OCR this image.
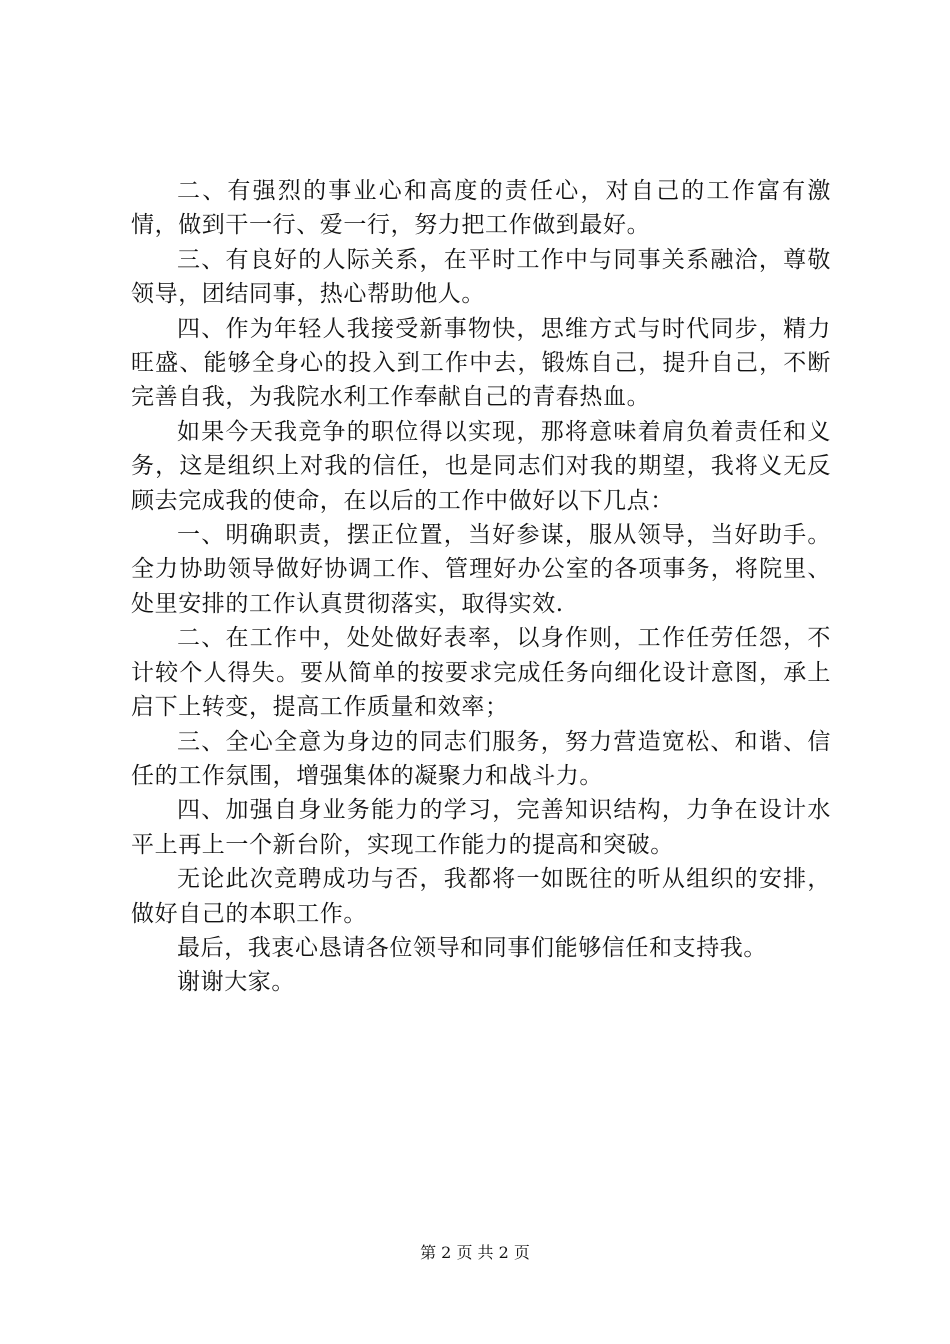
二、有强烈的事业心和高度的责任心，对自己的工作富有激情，做到干一行、爱一行，努力把工作做到最好。

三、有良好的人际关系，在平时工作中与同事关系融洽，尊敬领导，团结同事，热心帮助他人。

四、作为年轻人我接受新事物快，思维方式与时代同步，精力旺盛、能够全身心的投入到工作中去，锻炼自己，提升自己，不断完善自我，为我院水利工作奉献自己的青春热血。

如果今天我竞争的职位得以实现，那将意味着肩负着责任和义务，这是组织上对我的信任，也是同志们对我的期望，我将义无反顾去完成我的使命，在以后的工作中做好以下几点：

一、明确职责，摆正位置，当好参谋，服从领导，当好助手。全力协助领导做好协调工作、管理好办公室的各项事务，将院里、处里安排的工作认真贯彻落实，取得实效.

二、在工作中，处处做好表率，以身作则，工作任劳任怨，不计较个人得失。要从简单的按要求完成任务向细化设计意图，承上启下上转变，提高工作质量和效率；

三、全心全意为身边的同志们服务，努力营造宽松、和谐、信任的工作氛围，增强集体的凝聚力和战斗力。

四、加强自身业务能力的学习，完善知识结构，力争在设计水平上再上一个新台阶，实现工作能力的提高和突破。

无论此次竞聘成功与否，我都将一如既往的听从组织的安排，做好自己的本职工作。

最后，我衷心恳请各位领导和同事们能够信任和支持我。

谢谢大家。

第 2 页 共 2 页
